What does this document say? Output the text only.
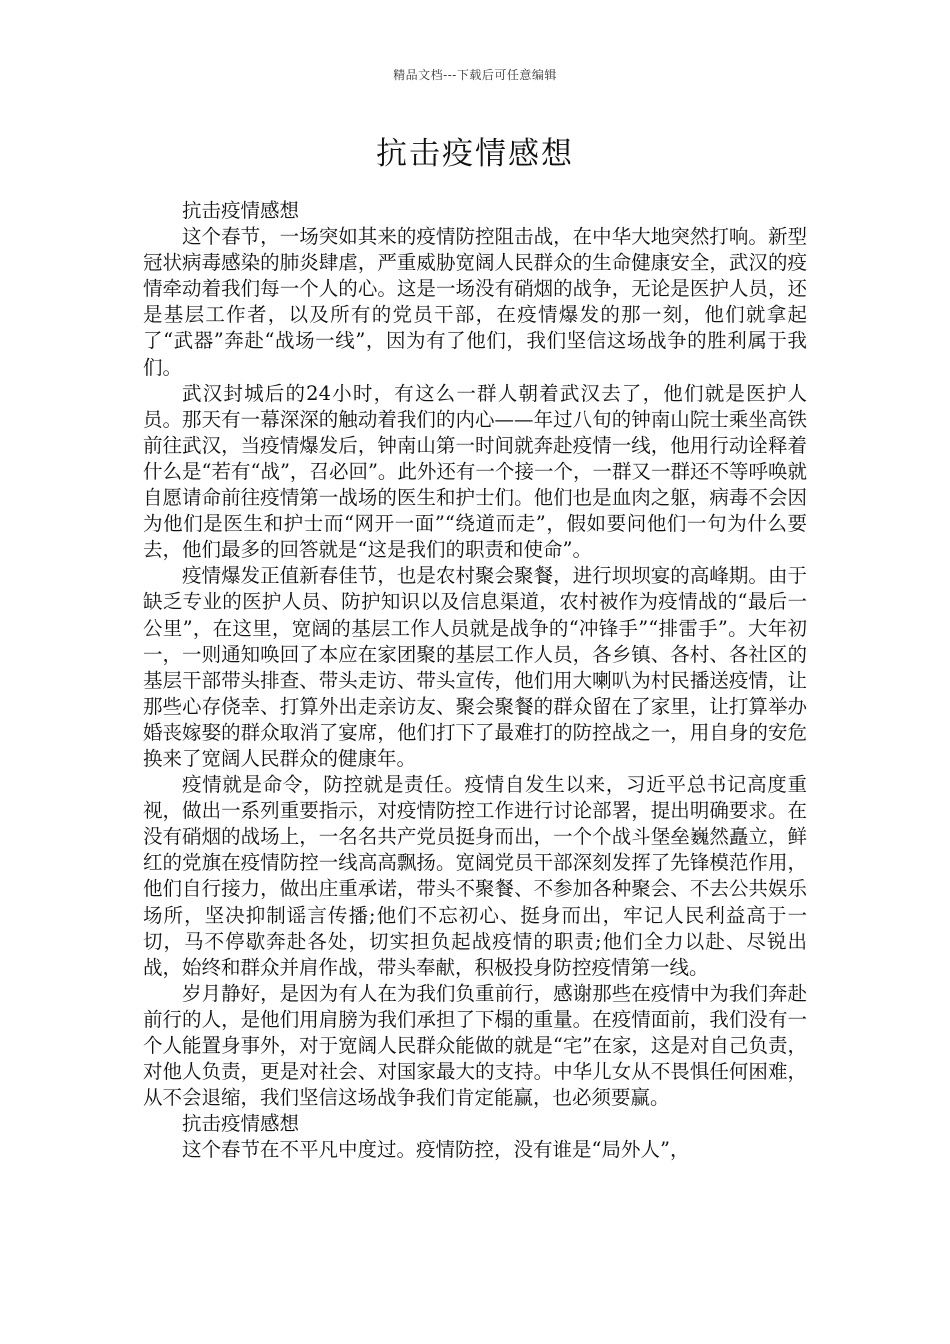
精品文档---下载后可任意编辑
抗击疫情感想

抗击疫情感想

这个春节，一场突如其来的疫情防控阻击战，在中华大地突然打响。新型冠状病毒感染的肺炎肆虐，严重威胁宽阔人民群众的生命健康安全，武汉的疫情牵动着我们每一个人的心。这是一场没有硝烟的战争，无论是医护人员，还是基层工作者，以及所有的党员干部，在疫情爆发的那一刻，他们就拿起了“武器”奔赴“战场一线”，因为有了他们，我们坚信这场战争的胜利属于我们。

武汉封城后的24小时，有这么一群人朝着武汉去了，他们就是医护人员。那天有一幕深深的触动着我们的内心——年过八旬的钟南山院士乘坐高铁前往武汉，当疫情爆发后，钟南山第一时间就奔赴疫情一线，他用行动诠释着什么是“若有“战”，召必回”。此外还有一个接一个，一群又一群还不等呼唤就自愿请命前往疫情第一战场的医生和护士们。他们也是血肉之躯，病毒不会因为他们是医生和护士而“网开一面”“绕道而走”，假如要问他们一句为什么要去，他们最多的回答就是“这是我们的职责和使命”。

疫情爆发正值新春佳节，也是农村聚会聚餐，进行坝坝宴的高峰期。由于缺乏专业的医护人员、防护知识以及信息渠道，农村被作为疫情战的“最后一公里”，在这里，宽阔的基层工作人员就是战争的“冲锋手”“排雷手”。大年初一，一则通知唤回了本应在家团聚的基层工作人员，各乡镇、各村、各社区的基层干部带头排查、带头走访、带头宣传，他们用大喇叭为村民播送疫情，让那些心存侥幸、打算外出走亲访友、聚会聚餐的群众留在了家里，让打算举办婚丧嫁娶的群众取消了宴席，他们打下了最难打的防控战之一，用自身的安危换来了宽阔人民群众的健康年。

疫情就是命令，防控就是责任。疫情自发生以来，习近平总书记高度重视，做出一系列重要指示，对疫情防控工作进行讨论部署，提出明确要求。在没有硝烟的战场上，一名名共产党员挺身而出，一个个战斗堡垒巍然矗立，鲜红的党旗在疫情防控一线高高飘扬。宽阔党员干部深刻发挥了先锋模范作用，他们自行接力，做出庄重承诺，带头不聚餐、不参加各种聚会、不去公共娱乐场所，坚决抑制谣言传播;他们不忘初心、挺身而出，牢记人民利益高于一切，马不停歇奔赴各处，切实担负起战疫情的职责;他们全力以赴、尽锐出战，始终和群众并肩作战，带头奉献，积极投身防控疫情第一线。

岁月静好，是因为有人在为我们负重前行，感谢那些在疫情中为我们奔赴前行的人，是他们用肩膀为我们承担了下榻的重量。在疫情面前，我们没有一个人能置身事外，对于宽阔人民群众能做的就是“宅”在家，这是对自己负责，对他人负责，更是对社会、对国家最大的支持。中华儿女从不畏惧任何困难，从不会退缩，我们坚信这场战争我们肯定能赢，也必须要赢。

抗击疫情感想

这个春节在不平凡中度过。疫情防控，没有谁是“局外人”，
